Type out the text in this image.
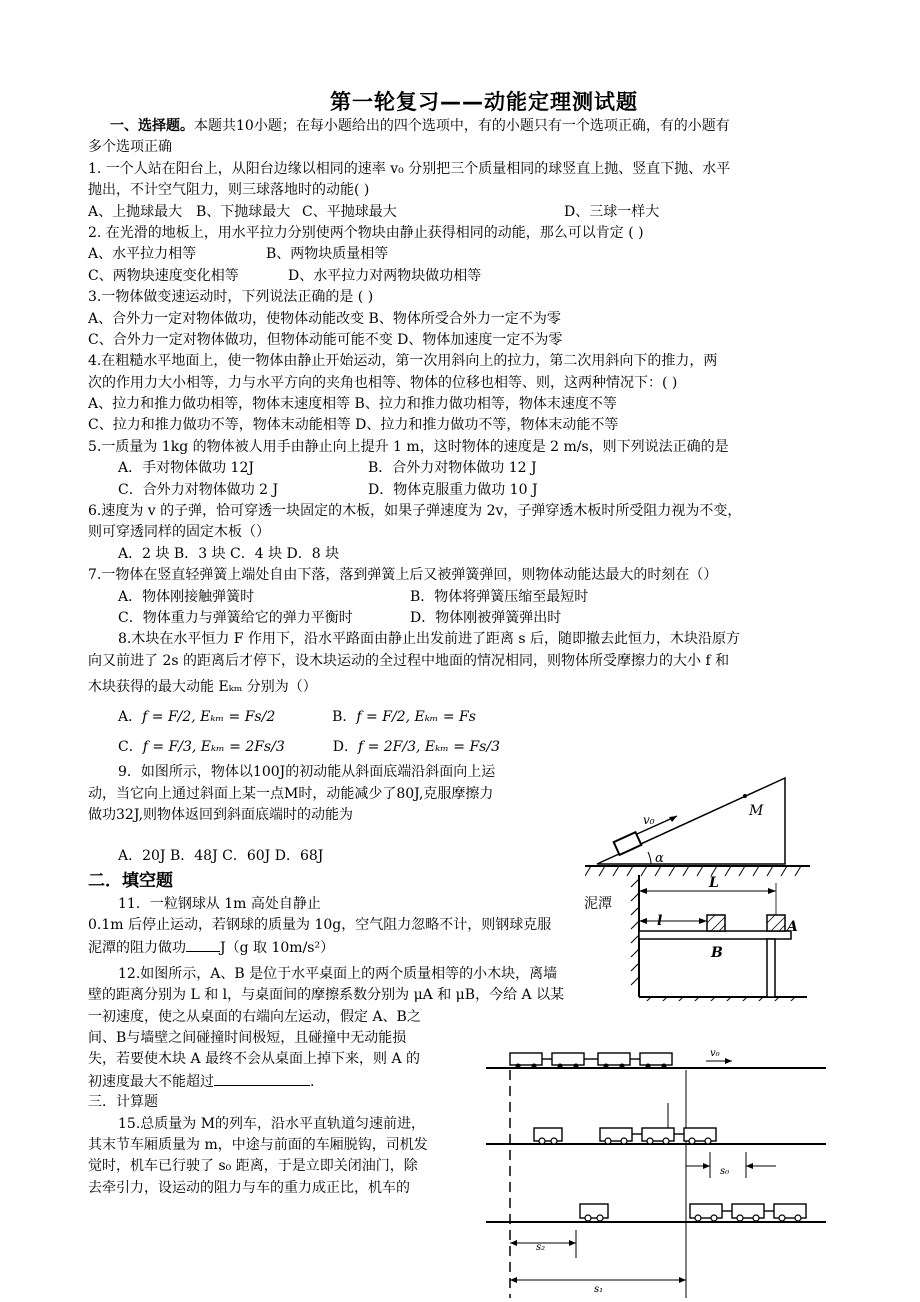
第一轮复习——动能定理测试题
一、选择题。本题共10小题；在每小题给出的四个选项中，有的小题只有一个选项正确，有的小题有
多个选项正确
1. 一个人站在阳台上，从阳台边缘以相同的速率 v₀ 分别把三个质量相同的球竖直上抛、竖直下抛、水平
抛出，不计空气阻力，则三球落地时的动能( )
A、上抛球最大 B、下抛球最大 C、平抛球最大	D、三球一样大
2. 在光滑的地板上，用水平拉力分别使两个物块由静止获得相同的动能，那么可以肯定 ( )
A、水平拉力相等	B、两物块质量相等
C、两物块速度变化相等	D、水平拉力对两物块做功相等
3.一物体做变速运动时，下列说法正确的是 ( )
A、合外力一定对物体做功，使物体动能改变 B、物体所受合外力一定不为零
C、合外力一定对物体做功，但物体动能可能不变 D、物体加速度一定不为零
4.在粗糙水平地面上，使一物体由静止开始运动，第一次用斜向上的拉力，第二次用斜向下的推力，两
次的作用力大小相等，力与水平方向的夹角也相等、物体的位移也相等、则，这两种情况下：( )
A、拉力和推力做功相等，物体末速度相等 B、拉力和推力做功相等，物体末速度不等
C、拉力和推力做功不等，物体末动能相等 D、拉力和推力做功不等，物体末动能不等
5.一质量为 1kg 的物体被人用手由静止向上提升 1 m，这时物体的速度是 2 m/s，则下列说法正确的是
A．手对物体做功 12J	B．合外力对物体做功 12 J
C．合外力对物体做功 2 J	D．物体克服重力做功 10 J
6.速度为 v 的子弹，恰可穿透一块固定的木板，如果子弹速度为 2v，子弹穿透木板时所受阻力视为不变，
则可穿透同样的固定木板（）
A．2 块 B．3 块 C．4 块 D．8 块
7.一物体在竖直轻弹簧上端处自由下落，落到弹簧上后又被弹簧弹回，则物体动能达最大的时刻在（）
A．物体刚接触弹簧时	B．物体将弹簧压缩至最短时
C．物体重力与弹簧给它的弹力平衡时	D．物体刚被弹簧弹出时
8.木块在水平恒力 F 作用下，沿水平路面由静止出发前进了距离 s 后，随即撤去此恒力，木块沿原方
向又前进了 2s 的距离后才停下，设木块运动的全过程中地面的情况相同，则物体所受摩擦力的大小 f 和
木块获得的最大动能 Eₖₘ 分别为（）
A．f = F/2, Eₖₘ = Fs/2	B．f = F/2, Eₖₘ = Fs
C．f = F/3, Eₖₘ = 2Fs/3	D．f = 2F/3, Eₖₘ = Fs/3
9．如图所示，物体以100J的初动能从斜面底端沿斜面向上运
动，当它向上通过斜面上某一点M时，动能减少了80J,克服摩擦力
做功32J,则物体返回到斜面底端时的动能为
A．20J B．48J C．60J D．68J
二．填空题
11．一粒钢球从 1m 高处自静止	泥潭
0.1m 后停止运动，若钢球的质量为 10g，空气阻力忽略不计，则钢球克服
泥潭的阻力做功 J（g 取 10m/s²）
12.如图所示，A、B 是位于水平桌面上的两个质量相等的小木块，离墙
壁的距离分别为 L 和 l，与桌面间的摩擦系数分别为 μA 和 μB，今给 A 以某
一初速度，使之从桌面的右端向左运动，假定 A、B之
间、B与墙壁之间碰撞时间极短，且碰撞中无动能损
失，若要使木块 A 最终不会从桌面上掉下来，则 A 的
初速度最大不能超过	.
三．计算题
15.总质量为 M的列车，沿水平直轨道匀速前进，
其末节车厢质量为 m，中途与前面的车厢脱钩，司机发
觉时，机车已行驶了 s₀ 距离，于是立即关闭油门，除
去牵引力，设运动的阻力与车的重力成正比，机车的
v₀
M
α
L
l	A
B
v₀
s₀
s₂
s₁
